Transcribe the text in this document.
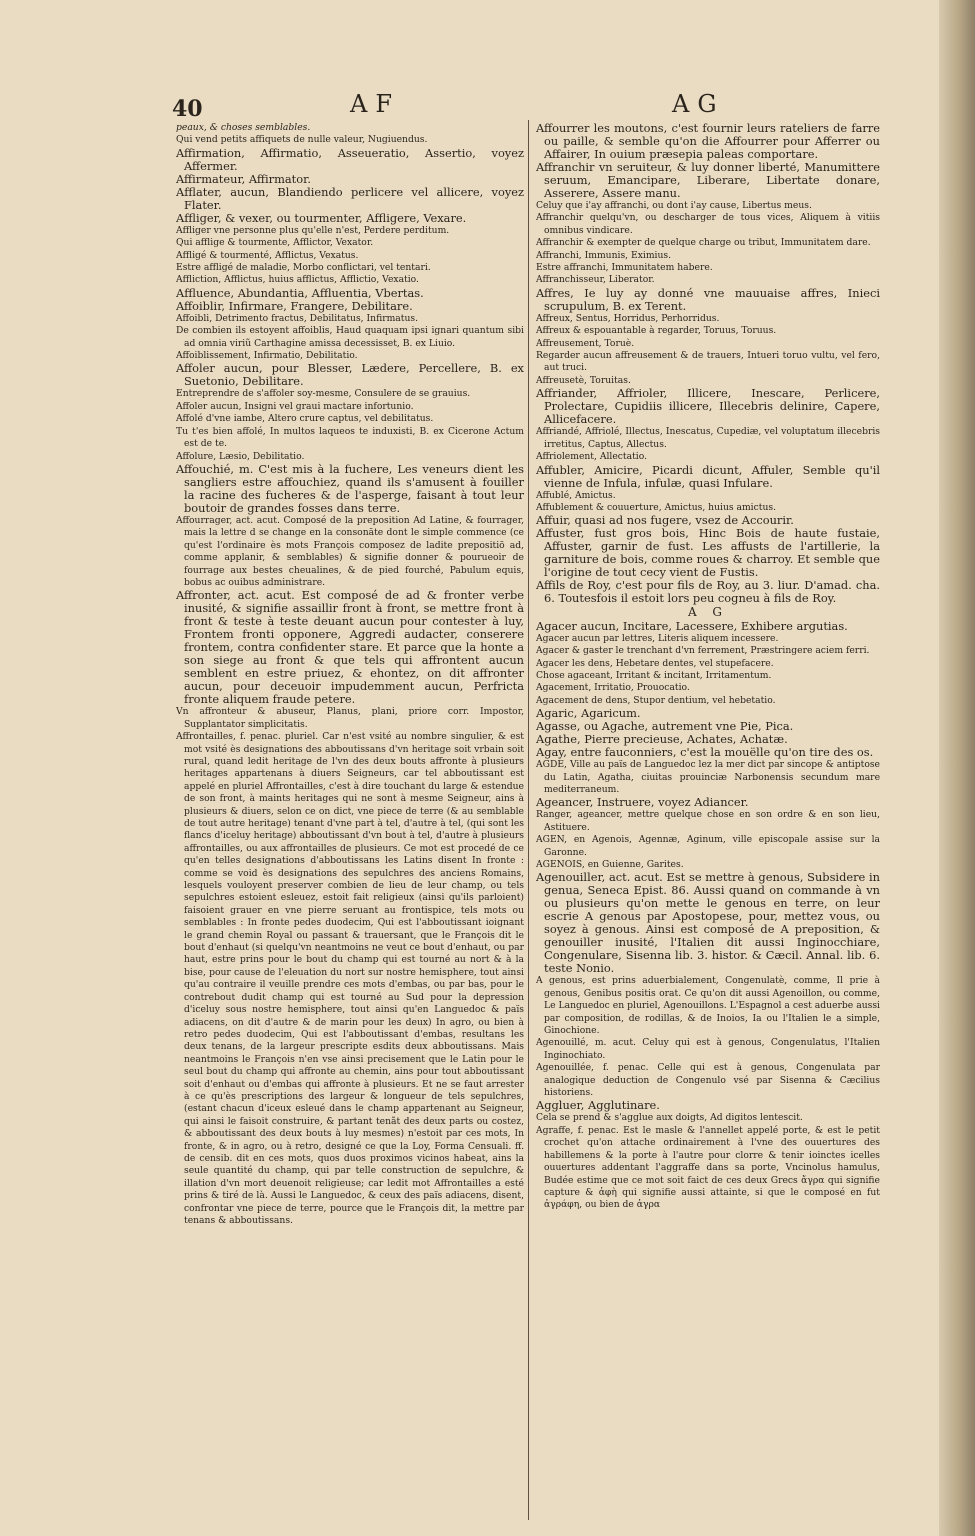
40	AF	AG

peaux, & choses semblables.

Qui vend petits affiquets de nulle valeur, Nugiuendus.

Affirmation, Affirmatio, Asseueratio, Assertio, voyez Affermer.

Affirmateur, Affirmator.

Afflater, aucun, Blandiendo perlicere vel allicere, voyez Flater.

Affliger, & vexer, ou tourmenter, Affligere, Vexare.

Affliger vne personne plus qu'elle n'est, Perdere perditum.

Qui afflige & tourmente, Afflictor, Vexator.

Affligé & tourmenté, Afflictus, Vexatus.

Estre affligé de maladie, Morbo conflictari, vel tentari.

Affliction, Afflictus, huius afflictus, Afflictio, Vexatio.

Affluence, Abundantia, Affluentia, Vbertas.

Affoiblir, Infirmare, Frangere, Debilitare.

Affoibli, Detrimento fractus, Debilitatus, Infirmatus.

De combien ils estoyent affoiblis, Haud quaquam ipsi ignari quantum sibi ad omnia viriũ Carthagine amissa decessisset, B. ex Liuio.

Affoiblissement, Infirmatio, Debilitatio.

Affoler aucun, pour Blesser, Lædere, Percellere, B. ex Suetonio, Debilitare.

Entreprendre de s'affoler soy-mesme, Consulere de se grauius.

Affoler aucun, Insigni vel graui mactare infortunio.

Affolé d'vne iambe, Altero crure captus, vel debilitatus.

Tu t'es bien affolé, In multos laqueos te induxisti, B. ex Cicerone Actum est de te.

Affolure, Læsio, Debilitatio.

Affouchié, m. C'est mis à la fuchere, Les veneurs dient les sangliers estre affouchiez, quand ils s'amusent à fouiller la racine des fucheres & de l'asperge, faisant à tout leur boutoir de grandes fosses dans terre.

Affourrager, act. acut. Composé de la preposition Ad Latine, & fourrager, mais la lettre d se change en la consonāte dont le simple commence (ce qu'est l'ordinaire ès mots François composez de ladite prepositiō ad, comme applanir, & semblables) & signifie donner & pourueoir de fourrage aux bestes cheualines, & de pied fourché, Pabulum equis, bobus ac ouibus administrare.

Affronter, act. acut. Est composé de ad & fronter verbe inusité, & signifie assaillir front à front, se mettre front à front & teste à teste deuant aucun pour contester à luy, Frontem fronti opponere, Aggredi audacter, conserere frontem, contra confidenter stare. Et parce que la honte a son siege au front & que tels qui affrontent aucun semblent en estre priuez, & ehontez, on dit affronter aucun, pour deceuoir impudemment aucun, Perfricta fronte aliquem fraude petere.

Vn affronteur & abuseur, Planus, plani, priore corr. Impostor, Supplantator simplicitatis.

Affrontailles, f. penac. pluriel. Car n'est vsité au nombre singulier, & est mot vsité ès designations des abboutissans d'vn heritage soit vrbain soit rural, quand ledit heritage de l'vn des deux bouts affronte à plusieurs heritages appartenans à diuers Seigneurs, car tel abboutissant est appelé en pluriel Affrontailles, c'est à dire touchant du large & estendue de son front, à maints heritages qui ne sont à mesme Seigneur, ains à plusieurs & diuers, selon ce on dict, vne piece de terre (& au semblable de tout autre heritage) tenant d'vne part à tel, d'autre à tel, (qui sont les flancs d'iceluy heritage) abboutissant d'vn bout à tel, d'autre à plusieurs affrontailles, ou aux affrontailles de plusieurs. Ce mot est procedé de ce qu'en telles designations d'abboutissans les Latins disent In fronte : comme se void ès designations des sepulchres des anciens Romains, lesquels vouloyent preserver combien de lieu de leur champ, ou tels sepulchres estoient esleuez, estoit fait religieux (ainsi qu'ils parloient) faisoient grauer en vne pierre seruant au frontispice, tels mots ou semblables : In fronte pedes duodecim, Qui est l'abboutissant ioignant le grand chemin Royal ou passant & trauersant, que le François dit le bout d'enhaut (si quelqu'vn neantmoins ne veut ce bout d'enhaut, ou par haut, estre prins pour le bout du champ qui est tourné au nort & à la bise, pour cause de l'eleuation du nort sur nostre hemisphere, tout ainsi qu'au contraire il veuille prendre ces mots d'embas, ou par bas, pour le contrebout dudit champ qui est tourné au Sud pour la depression d'iceluy sous nostre hemisphere, tout ainsi qu'en Languedoc & païs adiacens, on dit d'autre & de marin pour les deux) In agro, ou bien à retro pedes duodecim, Qui est l'abboutissant d'embas, resultans les deux tenans, de la largeur prescripte esdits deux abboutissans. Mais neantmoins le François n'en vse ainsi precisement que le Latin pour le seul bout du champ qui affronte au chemin, ains pour tout abboutissant soit d'enhaut ou d'embas qui affronte à plusieurs. Et ne se faut arrester à ce qu'ès prescriptions des largeur & longueur de tels sepulchres, (estant chacun d'iceux esleué dans le champ appartenant au Seigneur, qui ainsi le faisoit construire, & partant tenãt des deux parts ou costez, & abboutissant des deux bouts à luy mesmes) n'estoit par ces mots, In fronte, & in agro, ou à retro, designé ce que la Loy, Forma Censuali. ff. de censib. dit en ces mots, quos duos proximos vicinos habeat, ains la seule quantité du champ, qui par telle construction de sepulchre, & illation d'vn mort deuenoit religieuse; car ledit mot Affrontailles a esté prins & tiré de là. Aussi le Languedoc, & ceux des païs adiacens, disent, confrontar vne piece de terre, pource que le François dit, la mettre par tenans & abboutissans.

Affourrer les moutons, c'est fournir leurs rateliers de farre ou paille, & semble qu'on die Affourrer pour Afferrer ou Affairer, In ouium præsepia paleas comportare.

Affranchir vn seruiteur, & luy donner liberté, Manumittere seruum, Emancipare, Liberare, Libertate donare, Asserere, Assere manu.

Celuy que i'ay affranchi, ou dont i'ay cause, Libertus meus.

Affranchir quelqu'vn, ou descharger de tous vices, Aliquem à vitiis omnibus vindicare.

Affranchir & exempter de quelque charge ou tribut, Immunitatem dare.

Affranchi, Immunis, Eximius.

Estre affranchi, Immunitatem habere.

Affranchisseur, Liberator.

Affres, Ie luy ay donné vne mauuaise affres, Inieci scrupulum, B. ex Terent.

Affreux, Sentus, Horridus, Perhorridus.

Affreux & espouantable à regarder, Toruus, Toruus.

Affreusement, Toruè.

Regarder aucun affreusement & de trauers, Intueri toruo vultu, vel fero, aut truci.

Affreusetè, Toruitas.

Affriander, Affrioler, Illicere, Inescare, Perlicere, Prolectare, Cupidiis illicere, Illecebris delinire, Capere, Allicefacere.

Affriandé, Affriolé, Illectus, Inescatus, Cupediæ, vel voluptatum illecebris irretitus, Captus, Allectus.

Affriolement, Allectatio.

Affubler, Amicire, Picardi dicunt, Affuler, Semble qu'il vienne de Infula, infulæ, quasi Infulare.

Affublé, Amictus.

Affublement & couuerture, Amictus, huius amictus.

Affuir, quasi ad nos fugere, vsez de Accourir.

Affuster, fust gros bois, Hinc Bois de haute fustaie, Affuster, garnir de fust. Les affusts de l'artillerie, la garniture de bois, comme roues & charroy. Et semble que l'origine de tout cecy vient de Fustis.

Affils de Roy, c'est pour fils de Roy, au 3. liur. D'amad. cha. 6. Toutesfois il estoit lors peu cogneu à fils de Roy.

A G

Agacer aucun, Incitare, Lacessere, Exhibere argutias.

Agacer aucun par lettres, Literis aliquem incessere.

Agacer & gaster le trenchant d'vn ferrement, Præstringere aciem ferri.

Agacer les dens, Hebetare dentes, vel stupefacere.

Chose agaceant, Irritant & incitant, Irritamentum.

Agacement, Irritatio, Prouocatio.

Agacement de dens, Stupor dentium, vel hebetatio.

Agaric, Agaricum.

Agasse, ou Agache, autrement vne Pie, Pica.

Agathe, Pierre precieuse, Achates, Achatæ.

Agay, entre fauconniers, c'est la mouëlle qu'on tire des os.

AGDE, Ville au païs de Languedoc lez la mer dict par sincope & antiptose du Latin, Agatha, ciuitas prouinciæ Narbonensis secundum mare mediterraneum.

Ageancer, Instruere, voyez Adiancer.

Ranger, ageancer, mettre quelque chose en son ordre & en son lieu, Astituere.

AGEN, en Agenois, Agennæ, Aginum, ville episcopale assise sur la Garonne.

AGENOIS, en Guienne, Garites.

Agenouiller, act. acut. Est se mettre à genous, Subsidere in genua, Seneca Epist. 86. Aussi quand on commande à vn ou plusieurs qu'on mette le genous en terre, on leur escrie A genous par Apostopese, pour, mettez vous, ou soyez à genous. Ainsi est composé de A preposition, & genouiller inusité, l'Italien dit aussi Inginocchiare, Congenulare, Sisenna lib. 3. histor. & Cæcil. Annal. lib. 6. teste Nonio.

A genous, est prins aduerbialement, Congenulatè, comme, Il prie à genous, Genibus positis orat. Ce qu'on dit aussi Agenoillon, ou comme, Le Languedoc en pluriel, Agenouillons. L'Espagnol a cest aduerbe aussi par composition, de rodillas, & de Inoios, Ia ou l'Italien le a simple, Ginochione.

Agenouillé, m. acut. Celuy qui est à genous, Congenulatus, l'Italien Inginochiato.

Agenouillée, f. penac. Celle qui est à genous, Congenulata par analogique deduction de Congenulo vsé par Sisenna & Cæcilius historiens.

Aggluer, Agglutinare.

Cela se prend & s'agglue aux doigts, Ad digitos lentescit.

Agraffe, f. penac. Est le masle & l'annellet appelé porte, & est le petit crochet qu'on attache ordinairement à l'vne des ouuertures des habillemens & la porte à l'autre pour clorre & tenir ioinctes icelles ouuertures addentant l'aggraffe dans sa porte, Vncinolus hamulus, Budée estime que ce mot soit faict de ces deux Grecs ἄγρα qui signifie capture & ἀφὴ qui signifie aussi attainte, si que le composé en fut ἀγράφη, ou bien de ἀγρα
